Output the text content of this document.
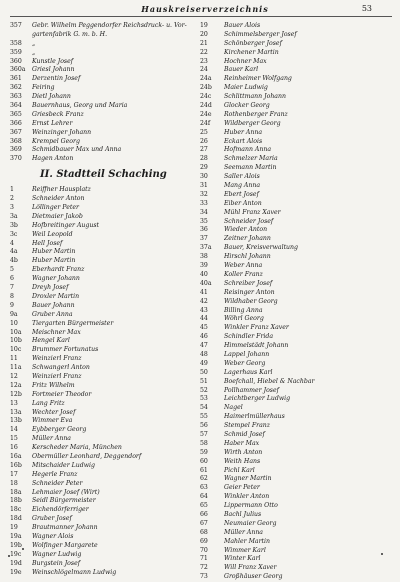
Hauskreiserverzeichnis	53
357	Gebr. Wilhelm Peggendorfer Reichsdruck- u. Vor-
gartenfabrik G. m. b. H.
358	„
359	„
360	Kunstle Josef
360a	Griesl Johann
361	Derzentin Josef
362	Feiring
363	Dietl Johann
364	Bauernhaus, Georg und Maria
365	Griesbeck Franz
366	Ernst Lehrer
367	Weinzinger Johann
368	Krempel Georg
369	Schmidbauer Max und Anna
370	Hagen Anton
II. Stadtteil Schaching
1	Reiffner Hausplatz
2	Schneider Anton
3	Löllinger Peter
3a	Dietmaier Jakob
3b	Hofbreitinger August
3c	Weil Leopold
4	Hell Josef
4a	Huber Martin
4b	Huber Martin
5	Eberhardt Franz
6	Wagner Johann
7	Dreyh Josef
8	Droxler Martin
9	Bauer Johann
9a	Gruber Anna
10	Tiergarten Bürgermeister
10a	Meischner Max
10b	Hengel Karl
10c	Brummer Fortunatus
11	Weinzierl Franz
11a	Schwangerl Anton
12	Weinzierl Franz
12a	Fritz Wilhelm
12b	Fortmeier Theodor
13	Lang Fritz
13a	Wechter Josef
13b	Wimmer Eva
14	Eybberger Georg
15	Müller Anna
16	Kerscheder Maria, München
16a	Obermüller Leonhard, Deggendorf
16b	Mitschaider Ludwig
17	Hegerle Franz
18	Schneider Peter
18a	Lehmaier Josef (Wirt)
18b	Seidl Bürgermeister
18c	Eichendörferriger
18d	Gruber Josef
19	Brautmanner Johann
19a	Wagner Alois
19b	Wolfinger Margarete
19c	Wagner Ludwig
19d	Burgstein Josef
19e	Weinschlögelmann Ludwig
19	Bauer Alois
20	Schimmelsberger Josef
21	Schönberger Josef
22	Kirchener Martin
23	Hochner Max
24	Bauer Karl
24a	Reinheimer Wolfgang
24b	Maier Ludwig
24c	Schlittmann Johann
24d	Glocker Georg
24e	Rothenberger Franz
24f	Wildberger Georg
25	Huber Anna
26	Eckart Alois
27	Hofmann Anna
28	Schmelzer Maria
29	Seemann Martin
30	Saller Alois
31	Mang Anna
32	Ebert Josef
33	Eiber Anton
34	Mühl Franz Xaver
35	Schneider Josef
36	Wieder Anton
37	Zeitner Johann
37a	Bauer, Kreisverwaltung
38	Hirschl Johann
39	Weber Anna
40	Koller Franz
40a	Schreiber Josef
41	Reisinger Anton
42	Wildhaber Georg
43	Billing Anna
44	Wöhrl Georg
45	Winkler Franz Xaver
46	Schindler Frida
47	Himmelstädt Johann
48	Lappel Johann
49	Weber Georg
50	Lagerhaus Karl
51	Boefchall, Hiebel & Nachbar
52	Pollhammer Josef
53	Leichtberger Ludwig
54	Nagel
55	Haimerlmüllerhaus
56	Stempel Franz
57	Schmid Josef
58	Haber Max
59	Wirth Anton
60	Weith Hans
61	Pichl Karl
62	Wagner Martin
63	Geier Peter
64	Winkler Anton
65	Lippermann Otto
66	Bachl Julius
67	Neumaier Georg
68	Müller Anna
69	Mahler Martin
70	Wimmer Karl
71	Winter Karl
72	Will Franz Xaver
73	Großhäuser Georg
